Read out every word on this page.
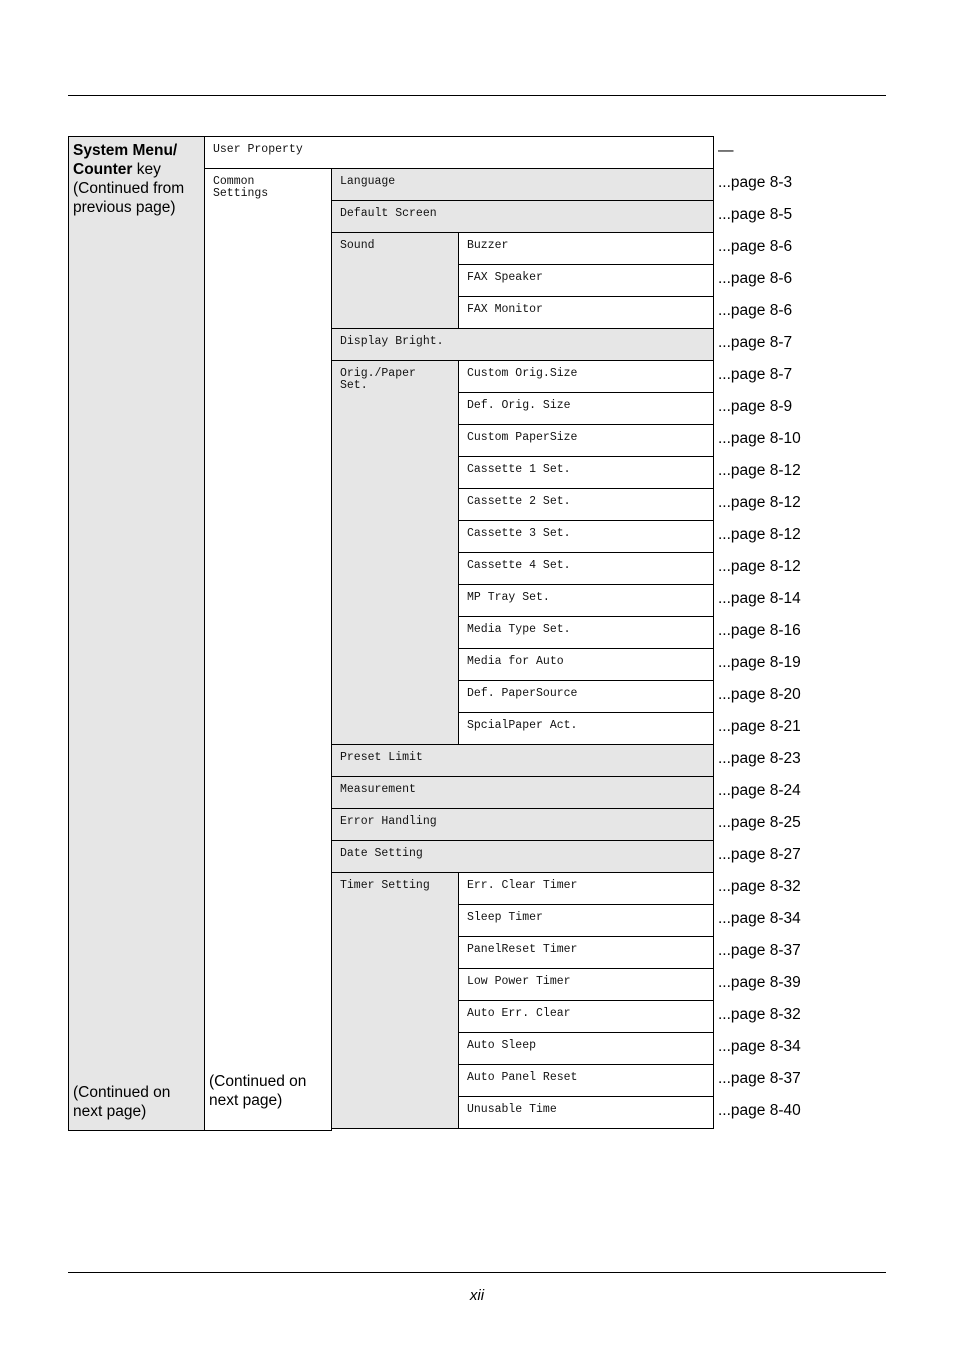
System Menu/
Counter key
(Continued from previous page)
(Continued on next page)
User Property	—
Common
Settings
(Continued on next page)
Language	...page 8-3
Default Screen	...page 8-5
Sound	Buzzer	...page 8-6
FAX Speaker	...page 8-6
FAX Monitor	...page 8-6
Display Bright.	...page 8-7
Orig./Paper
Set.
Custom Orig.Size	...page 8-7
Def. Orig. Size	...page 8-9
Custom PaperSize	...page 8-10
Cassette 1 Set.	...page 8-12
Cassette 2 Set.	...page 8-12
Cassette 3 Set.	...page 8-12
Cassette 4 Set.	...page 8-12
MP Tray Set.	...page 8-14
Media Type Set.	...page 8-16
Media for Auto	...page 8-19
Def. PaperSource	...page 8-20
SpcialPaper Act.	...page 8-21
Preset Limit	...page 8-23
Measurement	...page 8-24
Error Handling	...page 8-25
Date Setting	...page 8-27
Timer Setting	Err. Clear Timer	...page 8-32
Sleep Timer	...page 8-34
PanelReset Timer	...page 8-37
Low Power Timer	...page 8-39
Auto Err. Clear	...page 8-32
Auto Sleep	...page 8-34
Auto Panel Reset	...page 8-37
Unusable Time	...page 8-40
xii
